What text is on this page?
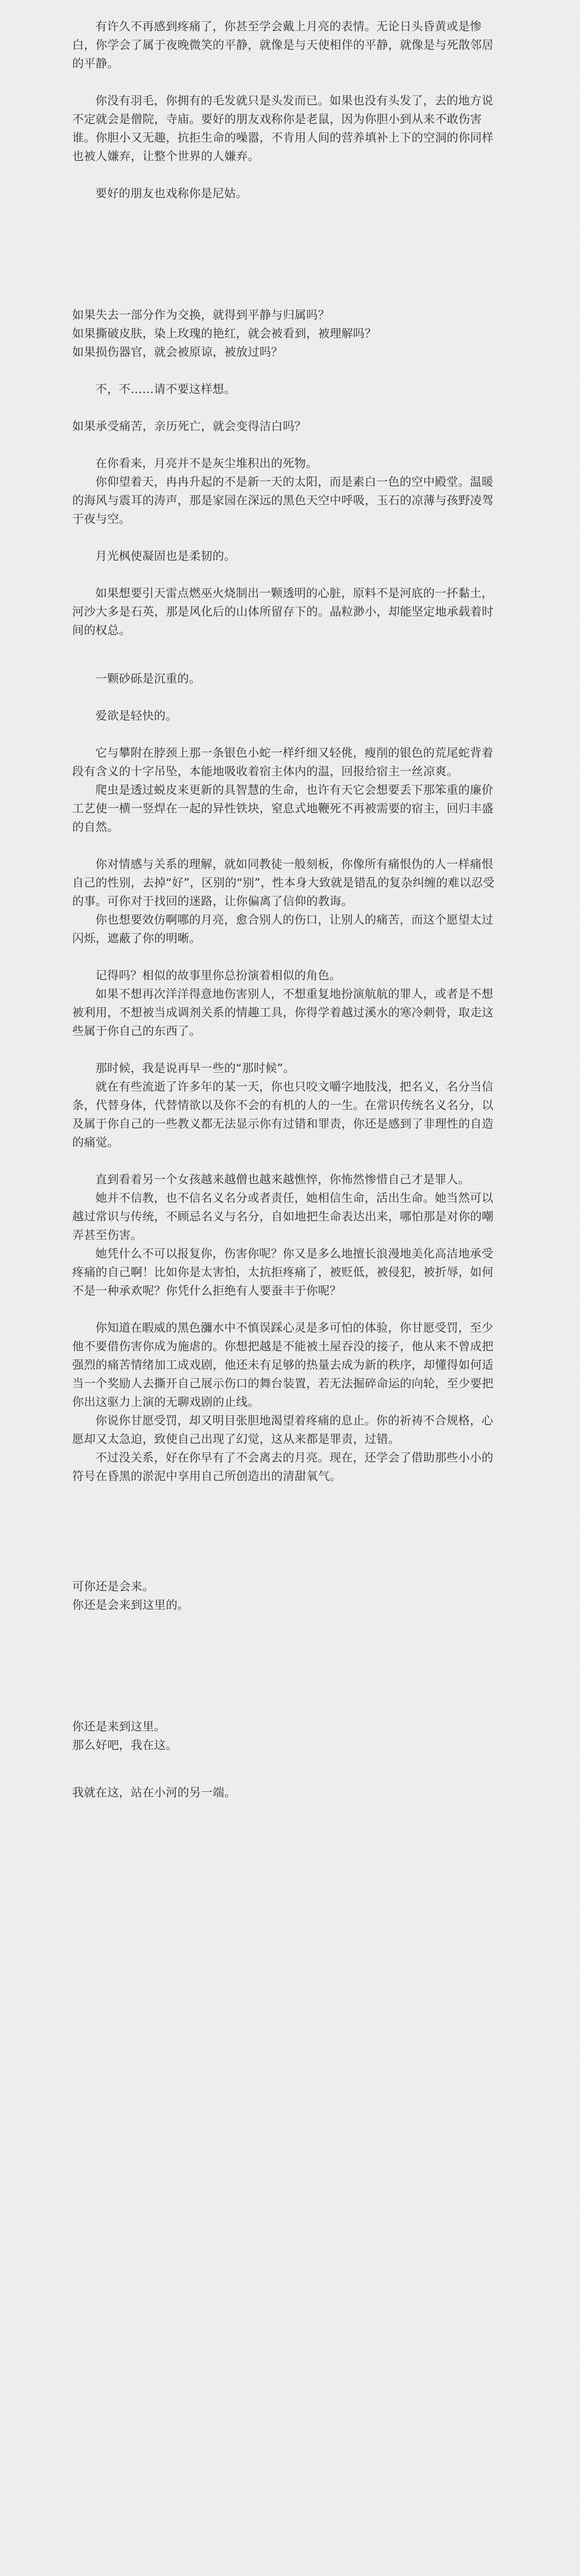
有许久不再感到疼痛了，你甚至学会戴上月亮的表情。无论日头昏黄或是惨白，你学会了属于夜晚微笑的平静，就像是与天使相伴的平静，就像是与死散邻居的平静。

你没有羽毛，你拥有的毛发就只是头发而已。如果也没有头发了，去的地方说不定就会是僧院，寺庙。要好的朋友戏称你是老鼠，因为你胆小到从来不敢伤害谁。你胆小又无趣，抗拒生命的噪嚣，不肯用人间的营养填补上下的空洞的你同样也被人嫌弃，让整个世界的人嫌弃。

要好的朋友也戏称你是尼姑。

如果失去一部分作为交换，就得到平静与归属吗？

如果撕破皮肤，染上玫瑰的艳红，就会被看到，被理解吗？

如果损伤器官，就会被原谅，被放过吗？

不，不……请不要这样想。

如果承受痛苦，亲历死亡，就会变得洁白吗？

在你看来，月亮并不是灰尘堆积出的死物。

你仰望着天，冉冉升起的不是新一天的太阳，而是素白一色的空中殿堂。温暖的海风与震耳的涛声，那是家园在深远的黑色天空中呼吸，玉石的凉薄与孩野凌驾于夜与空。

月光枫使凝固也是柔韧的。

如果想要引天雷点燃巫火烧制出一颗透明的心脏，原料不是河底的一抔黏土，河沙大多是石英，那是风化后的山体所留存下的。晶粒渺小，却能坚定地承载着时间的权总。

一颗砂砾是沉重的。

爱欲是轻快的。

它与攀附在脖颈上那一条银色小蛇一样纤细又轻佻，瘦削的银色的荒尾蛇背着段有含义的十字吊坠，本能地吸收着宿主体内的温，回报给宿主一丝凉爽。

爬虫是透过蜕皮来更新的具智慧的生命，也许有天它会想要丢下那笨重的廉价工艺使一横一竖焊在一起的异性铁块，窒息式地鞭死不再被需要的宿主，回归丰盛的自然。

你对情感与关系的理解，就如同教徒一般刻板，你像所有痛恨伪的人一样痛恨自己的性别，去掉“好”，区别的“别”，性本身大致就是错乱的复杂纠缠的难以忍受的事。可你对于找回的迷路，让你偏离了信仰的教诲。

你也想要效仿啊哪的月亮，愈合别人的伤口，让别人的痛苦，而这个愿望太过闪烁，遮蔽了你的明晰。

记得吗？相似的故事里你总扮演着相似的角色。

如果不想再次洋洋得意地伤害别人，不想重复地扮演航航的罪人，或者是不想被利用，不想被当成调剂关系的情趣工具，你得学着越过溪水的寒冷刺骨，取走这些属于你自己的东西了。

那时候，我是说再早一些的“那时候”。

就在有些流逝了许多年的某一天，你也只咬文嚼字地肢浅，把名义，名分当信条，代替身体，代替情欲以及你不会的有机的人的一生。在常识传统名义名分，以及属于你自己的一些教义都无法显示你有过错和罪责，你还是感到了非理性的自造的痛觉。

直到看着另一个女孩越来越僧也越来越憔悴，你怖然惨惜自己才是罪人。

她并不信教，也不信名义名分或者责任，她相信生命，活出生命。她当然可以越过常识与传统，不顾忌名义与名分，自如地把生命表达出来，哪怕那是对你的嘲弄甚至伤害。

她凭什么不可以报复你，伤害你呢？你又是多么地擅长浪漫地美化高洁地承受疼痛的自己啊！比如你是太害怕，太抗拒疼痛了，被贬低，被侵犯，被折辱，如何不是一种承欢呢？你凭什么拒绝有人要蚕丰于你呢？

你知道在暇威的黑色瀰水中不慎误踩心灵是多可怕的体验，你甘愿受罚，至少他不要借伤害你成为施虐的。你想把越是不能被土屋吞没的接子，他从来不曾成把强烈的痛苦情绪加工成戏剧，他还未有足够的热量去成为新的秩序，却懂得如何适当一个奖励人去撕开自己展示伤口的舞台装置，若无法掘碎命运的向轮，至少要把你出这驱力上演的无聊戏剧的止线。

你说你甘愿受罚，却又明目张胆地渴望着疼痛的息止。你的祈祷不合规格，心愿却又太急迫，致使自己出现了幻觉，这从来都是罪责，过错。

不过没关系，好在你早有了不会离去的月亮。现在，还学会了借助那些小小的符号在昏黑的淤泥中享用自己所创造出的清甜氧气。

可你还是会来。

你还是会来到这里的。

你还是来到这里。

那么好吧，我在这。

我就在这，站在小河的另一端。
